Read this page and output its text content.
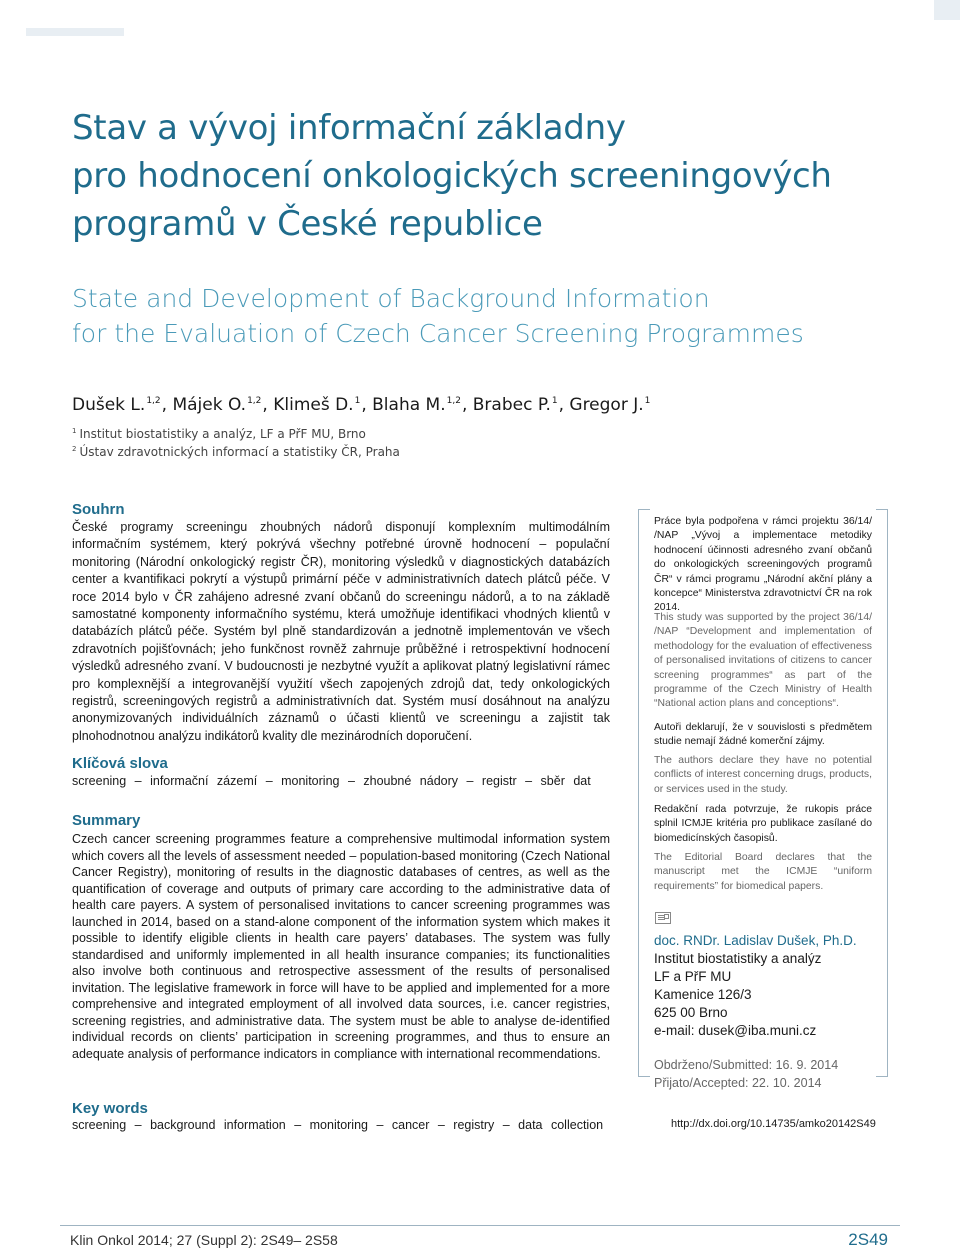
Stav a vývoj informační základny
pro hodnocení onkologických screeningových
programů v České republice
State and Development of Background Information
for the Evaluation of Czech Cancer Screening Programmes
Dušek L.$^{1,2}$, Májek O.$^{1,2}$, Klimeš D.$^1$, Blaha M.$^{1,2}$, Brabec P.$^1$, Gregor J.$^1$
$^1$ Institut biostatistiky a analýz, LF a PřF MU, Brno
$^2$ Ústav zdravotnických informací a statistiky ČR, Praha
Souhrn
České programy screeningu zhoubných nádorů disponují komplexním multimodálním informačním systémem, který pokrývá všechny potřebné úrovně hodnocení – populační monitoring (Národní onkologický registr ČR), monitoring výsledků v diagnostických databázích center a kvantifikaci pokrytí a výstupů primární péče v administrativních datech plátců péče. V roce 2014 bylo v ČR zahájeno adresné zvaní občanů do screeningu nádorů, a to na základě samostatné komponenty informačního systému, která umožňuje identifikaci vhodných klientů v databázích plátců péče. Systém byl plně standardizován a jednotně implementován ve všech zdravotních pojišťovnách; jeho funkčnost rovněž zahrnuje průběžné i retrospektivní hodnocení výsledků adresného zvaní. V budoucnosti je nezbytné využít a aplikovat platný legislativní rámec pro komplexnější a integrovanější využití všech zapojených zdrojů dat, tedy onkologických registrů, screeningových registrů a administrativních dat. Systém musí dosáhnout na analýzu anonymizovaných individuálních záznamů o účasti klientů ve screeningu a zajistit tak plnohodnotnou analýzu indikátorů kvality dle mezinárodních doporučení.
Klíčová slova
screening – informační zázemí – monitoring – zhoubné nádory – registr – sběr dat
Summary
Czech cancer screening programmes feature a comprehensive multimodal information system which covers all the levels of assessment needed – population-based monitoring (Czech National Cancer Registry), monitoring of results in the diagnostic databases of centres, as well as the quantification of coverage and outputs of primary care according to the administrative data of health care payers. A system of personalised invitations to cancer screening programmes was launched in 2014, based on a stand-alone component of the information system which makes it possible to identify eligible clients in health care payers’ databases. The system was fully standardised and uniformly implemented in all health insurance companies; its functionalities also involve both continuous and retrospective assessment of the results of personalised invitation. The legislative framework in force will have to be applied and implemented for a more comprehensive and integrated employment of all involved data sources, i.e. cancer registries, screening registries, and administrative data. The system must be able to analyse de-identified individual records on clients’ participation in screening programmes, and thus to ensure an adequate analysis of performance indicators in compliance with international recommendations.
Key words
screening – background information – monitoring – cancer – registry – data collection
Práce byla podpořena v rámci projektu 36/14/ /NAP „Vývoj a implementace metodiky hodnocení účinnosti adresného zvaní občanů do onkologických screeningových programů ČR“ v rámci programu „Národní akční plány a koncepce“ Ministerstva zdravotnictví ČR na rok 2014.
This study was supported by the project 36/14/ /NAP “Development and implementation of methodology for the evaluation of effectiveness of personalised invitations of citizens to cancer screening programmes“ as part of the programme of the Czech Ministry of Health “National action plans and conceptions“.
Autoři deklarují, že v souvislosti s předmětem studie nemají žádné komerční zájmy.
The authors declare they have no potential conflicts of interest concerning drugs, products, or services used in the study.
Redakční rada potvrzuje, že rukopis práce splnil ICMJE kritéria pro publikace zasílané do biomedicínských časopisů.
The Editorial Board declares that the manuscript met the ICMJE “uniform requirements” for biomedical papers.
doc. RNDr. Ladislav Dušek, Ph.D.
Institut biostatistiky a analýz
LF a PřF MU
Kamenice 126/3
625 00 Brno
e-mail: dusek@iba.muni.cz
Obdrženo/Submitted: 16. 9. 2014
Přijato/Accepted: 22. 10. 2014
http://dx.doi.org/10.14735/amko20142S49
Klin Onkol 2014; 27 (Suppl 2): 2S49– 2S58	2S49
